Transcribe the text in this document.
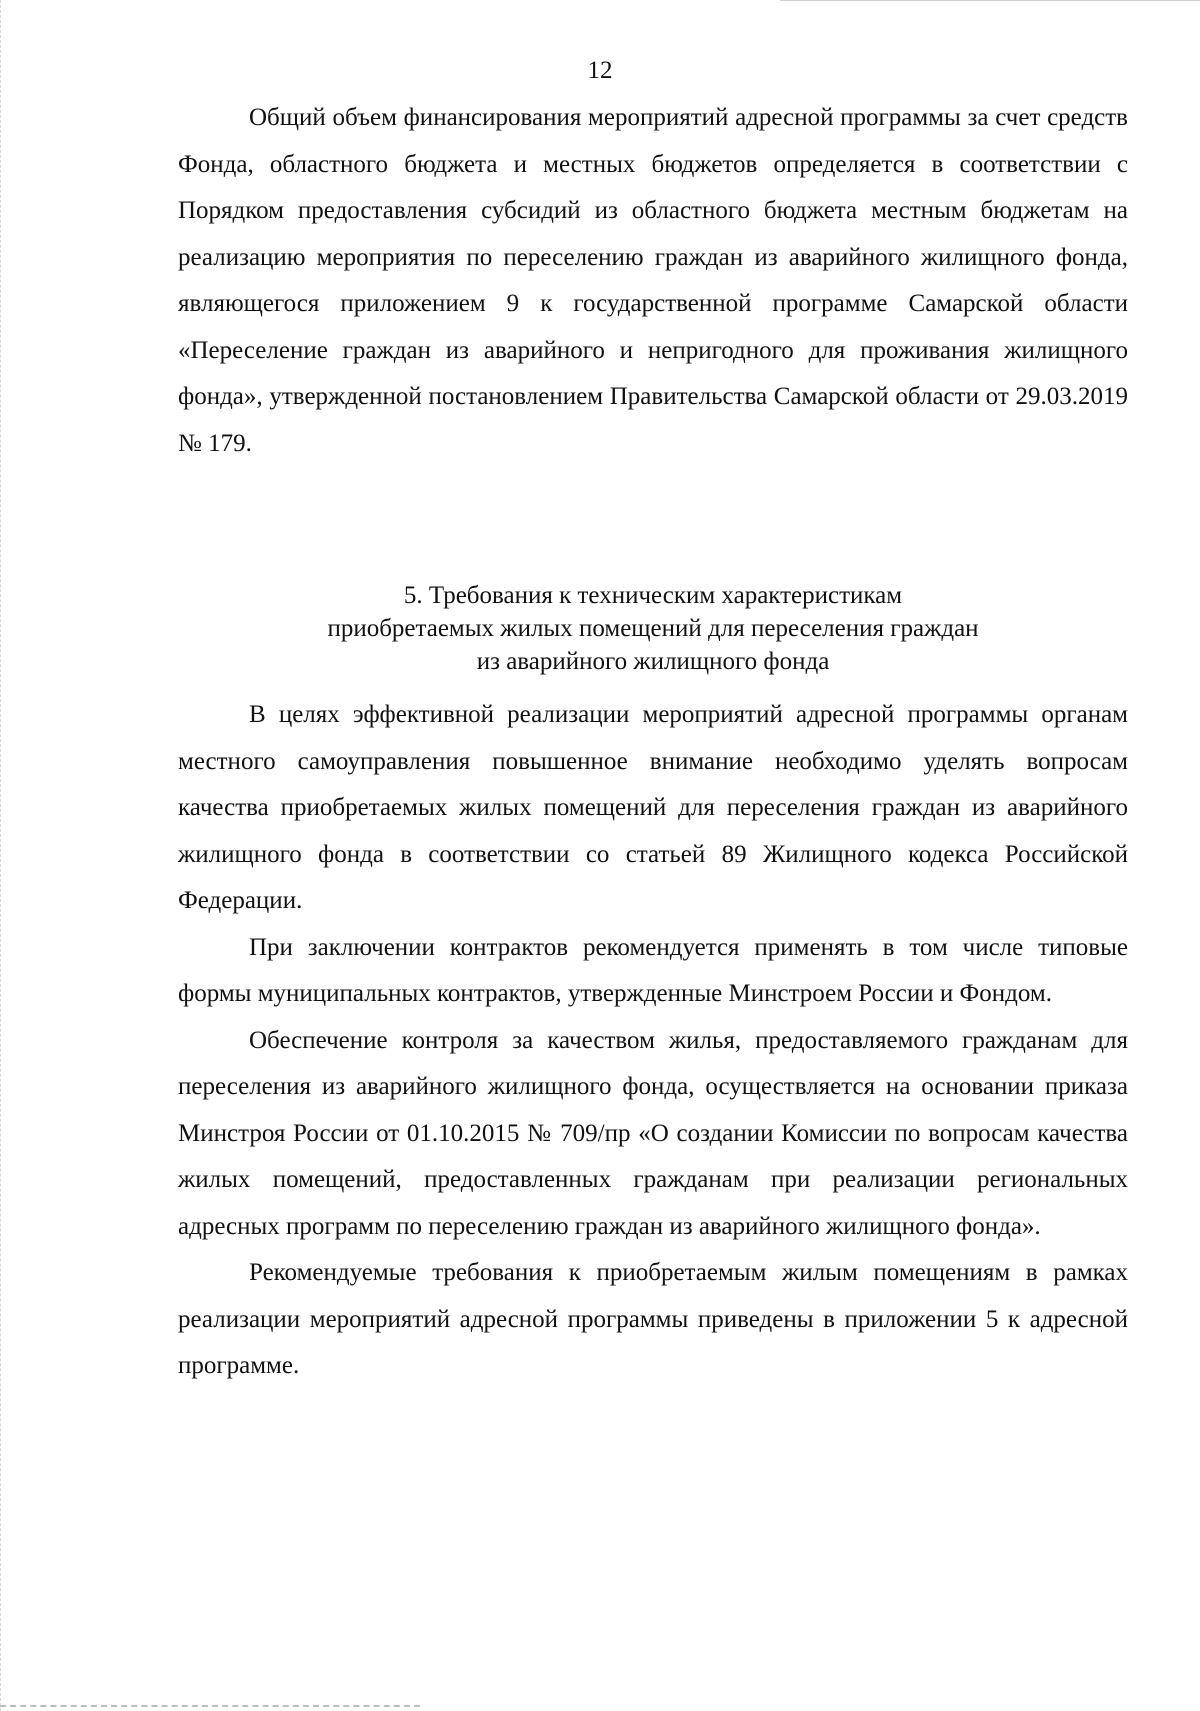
12

Общий объем финансирования мероприятий адресной программы за счет средств Фонда, областного бюджета и местных бюджетов определяется в соответствии с Порядком предоставления субсидий из областного бюджета местным бюджетам на реализацию мероприятия по переселению граждан из аварийного жилищного фонда, являющегося приложением 9 к государственной программе Самарской области «Переселение граждан из аварийного и непригодного для проживания жилищного фонда», утвержденной постановлением Правительства Самарской области от 29.03.2019 № 179.

5. Требования к техническим характеристикам
приобретаемых жилых помещений для переселения граждан
из аварийного жилищного фонда

В целях эффективной реализации мероприятий адресной программы органам местного самоуправления повышенное внимание необходимо уделять вопросам качества приобретаемых жилых помещений для переселения граждан из аварийного жилищного фонда в соответствии со статьей 89 Жилищного кодекса Российской Федерации.

При заключении контрактов рекомендуется применять в том числе типовые формы муниципальных контрактов, утвержденные Минстроем России и Фондом.

Обеспечение контроля за качеством жилья, предоставляемого гражданам для переселения из аварийного жилищного фонда, осуществляется на основании приказа Минстроя России от 01.10.2015 № 709/пр «О создании Комиссии по вопросам качества жилых помещений, предоставленных гражданам при реализации региональных адресных программ по переселению граждан из аварийного жилищного фонда».

Рекомендуемые требования к приобретаемым жилым помещениям в рамках реализации мероприятий адресной программы приведены в приложении 5 к адресной программе.
